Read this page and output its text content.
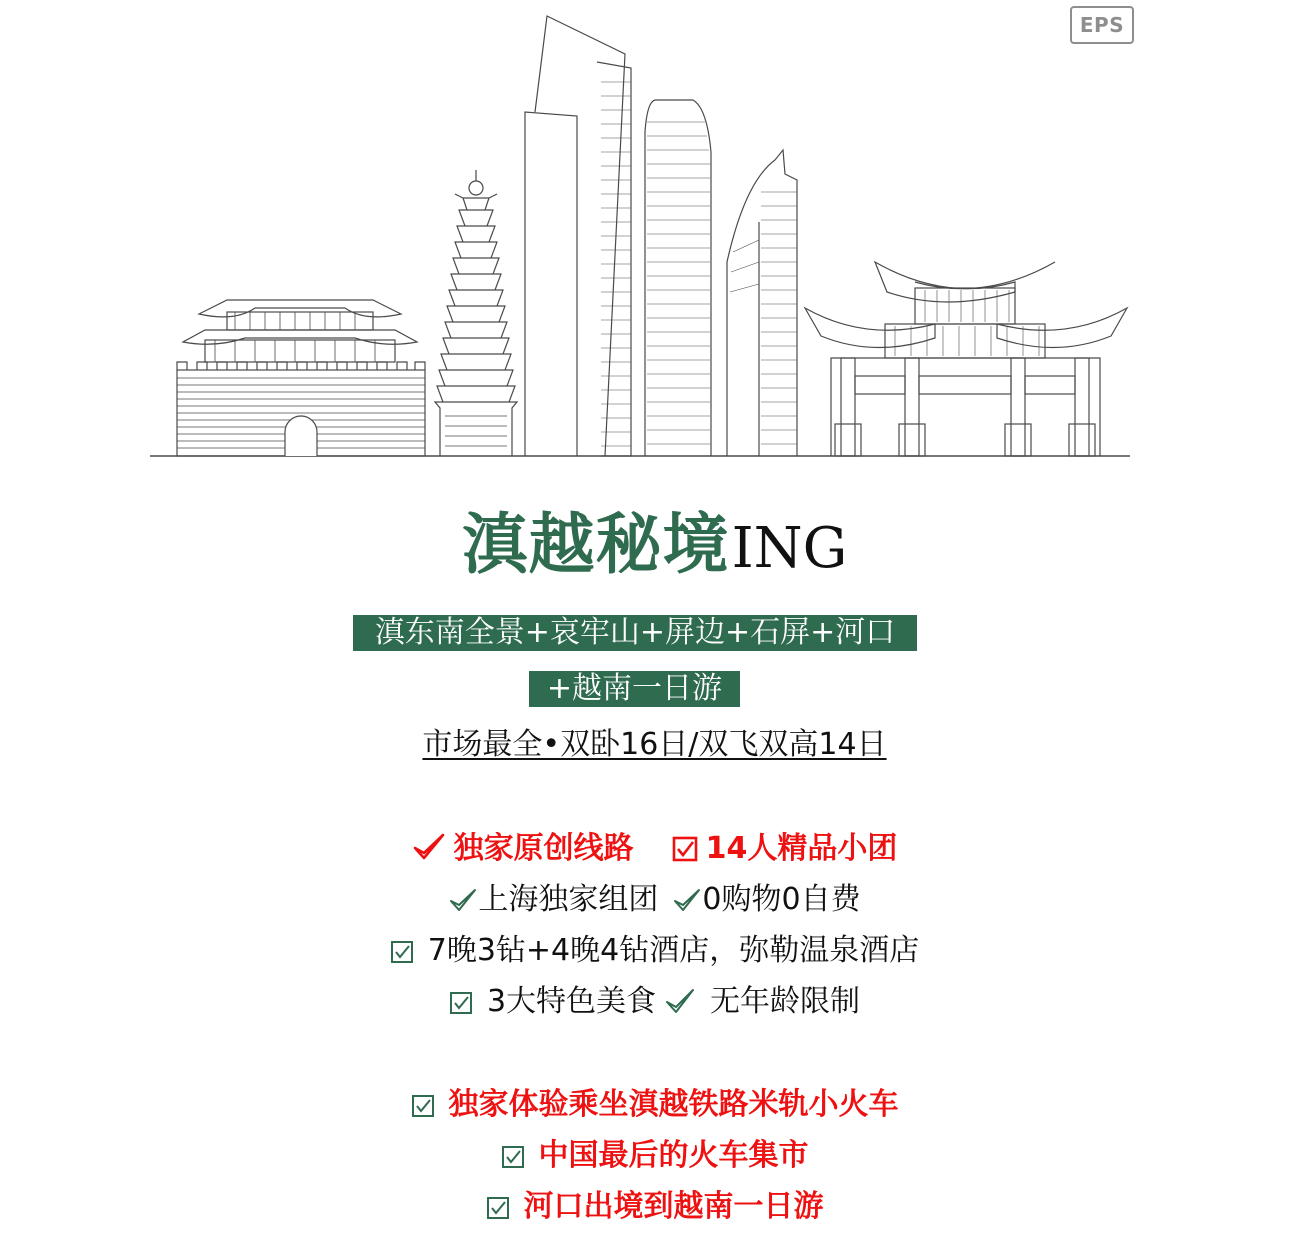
EPS
滇越秘境ING
滇东南全景+哀牢山+屏边+石屏+河口
+越南一日游
市场最全•双卧16日/双飞双高14日
独家原创线路 14人精品小团
上海独家组团 0购物0自费
7晚3钻+4晚4钻酒店，弥勒温泉酒店
3大特色美食 无年龄限制
独家体验乘坐滇越铁路米轨小火车
中国最后的火车集市
河口出境到越南一日游
